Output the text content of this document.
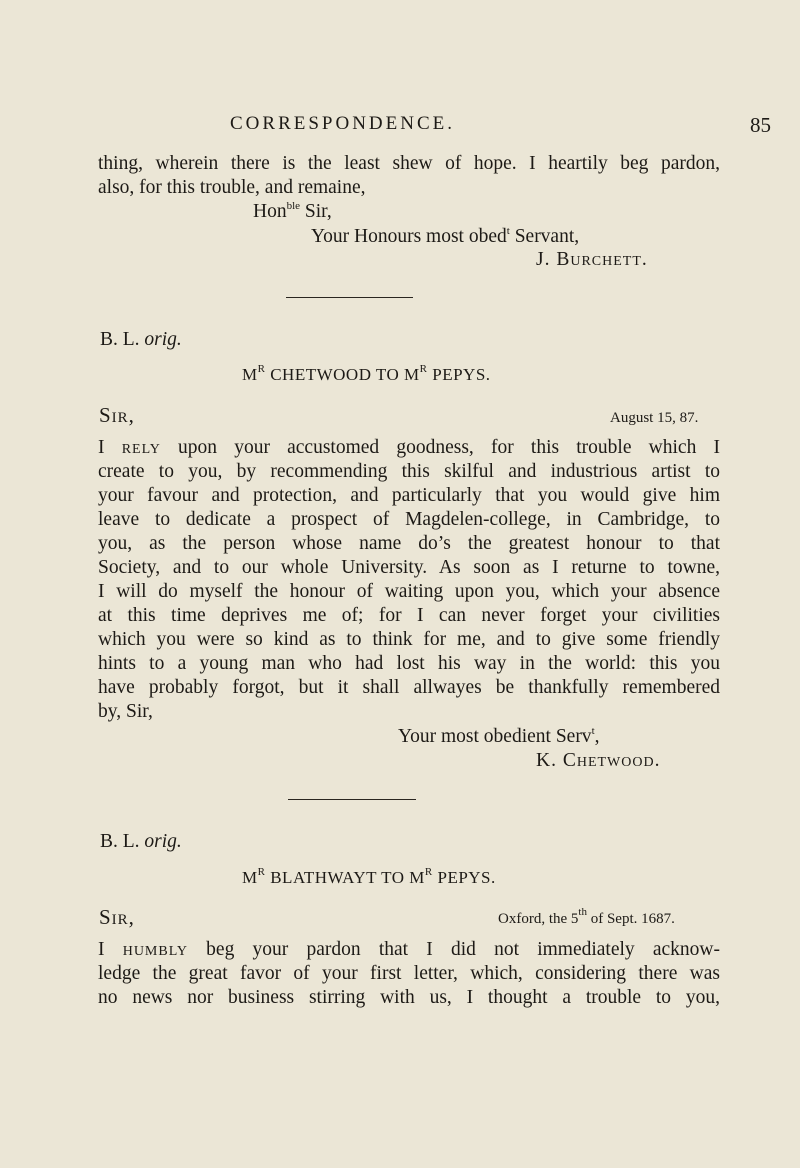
CORRESPONDENCE.	85
thing, wherein there is the least shew of hope. I heartily beg pardon,
also, for this trouble, and remaine,
Hon$^{ble}$ Sir,
Your Honours most obed$^t$ Servant,
J. Burchett.
B. L. orig.
$M^R$ CHETWOOD TO $M^R$ PEPYS.
Sir,	August 15, 87.
I rely upon your accustomed goodness, for this trouble which I
create to you, by recommending this skilful and industrious artist to
your favour and protection, and particularly that you would give him
leave to dedicate a prospect of Magdelen-college, in Cambridge, to
you, as the person whose name do’s the greatest honour to that
Society, and to our whole University. As soon as I returne to towne,
I will do myself the honour of waiting upon you, which your absence
at this time deprives me of; for I can never forget your civilities
which you were so kind as to think for me, and to give some friendly
hints to a young man who had lost his way in the world: this you
have probably forgot, but it shall allwayes be thankfully remembered
by, Sir,
Your most obedient Serv$^t$,
K. Chetwood.
B. L. orig.
$M^R$ BLATHWAYT TO $M^R$ PEPYS.
Sir,	Oxford, the 5th of Sept. 1687.
I humbly beg your pardon that I did not immediately acknow-
ledge the great favor of your first letter, which, considering there was
no news nor business stirring with us, I thought a trouble to you,
